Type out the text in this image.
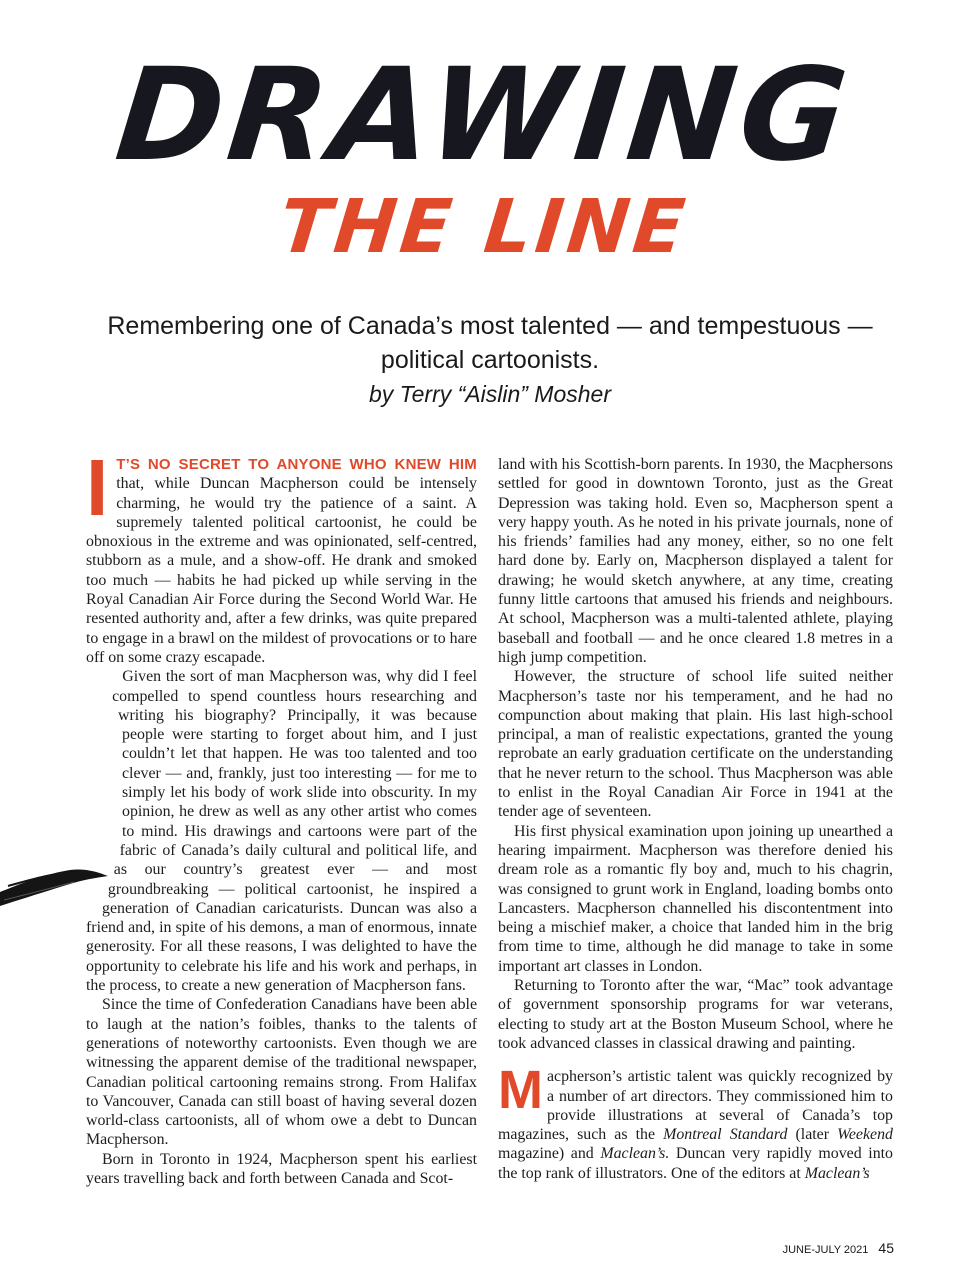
DRAWING
THE LINE
Remembering one of Canada’s most talented — and tempestuous — political cartoonists.
by Terry “Aislin” Mosher

I T’S NO SECRET TO ANYONE WHO KNEW HIM that, while Duncan Macpherson could be intensely charming, he would try the patience of a saint. A supremely talented political cartoonist, he could be obnoxious in the extreme and was opinionated, self-centred, stubborn as a mule, and a show-off. He drank and smoked too much — habits he had picked up while serving in the Royal Canadian Air Force during the Second World War. He resented authority and, after a few drinks, was quite prepared to engage in a brawl on the mildest of provocations or to hare off on some crazy escapade.

Given the sort of man Macpherson was, why did I feel compelled to spend countless hours researching and writing his biography? Principally, it was because people were starting to forget about him, and I just couldn’t let that happen. He was too talented and too clever — and, frankly, just too interesting — for me to simply let his body of work slide into obscurity. In my opinion, he drew as well as any other artist who comes to mind. His drawings and cartoons were part of the fabric of Canada’s daily cultural and political life, and as our country’s greatest ever — and most groundbreaking — political cartoonist, he inspired a generation of Canadian caricaturists. Duncan was also a friend and, in spite of his demons, a man of enormous, innate generosity. For all these reasons, I was delighted to have the opportunity to celebrate his life and his work and perhaps, in the process, to create a new generation of Macpherson fans.

Since the time of Confederation Canadians have been able to laugh at the nation’s foibles, thanks to the talents of generations of noteworthy cartoonists. Even though we are witnessing the apparent demise of the traditional newspaper, Canadian political cartooning remains strong. From Halifax to Vancouver, Canada can still boast of having several dozen world-class cartoonists, all of whom owe a debt to Duncan Macpherson.

Born in Toronto in 1924, Macpherson spent his earliest years travelling back and forth between Canada and Scot-

land with his Scottish-born parents. In 1930, the Macphersons settled for good in downtown Toronto, just as the Great Depression was taking hold. Even so, Macpherson spent a very happy youth. As he noted in his private journals, none of his friends’ families had any money, either, so no one felt hard done by. Early on, Macpherson displayed a talent for drawing; he would sketch anywhere, at any time, creating funny little cartoons that amused his friends and neighbours. At school, Macpherson was a multi-talented athlete, playing baseball and football — and he once cleared 1.8 metres in a high jump competition.

However, the structure of school life suited neither Macpherson’s taste nor his temperament, and he had no compunction about making that plain. His last high-school principal, a man of realistic expectations, granted the young reprobate an early graduation certificate on the understanding that he never return to the school. Thus Macpherson was able to enlist in the Royal Canadian Air Force in 1941 at the tender age of seventeen.

His first physical examination upon joining up unearthed a hearing impairment. Macpherson was therefore denied his dream role as a romantic fly boy and, much to his chagrin, was consigned to grunt work in England, loading bombs onto Lancasters. Macpherson channelled his discontentment into being a mischief maker, a choice that landed him in the brig from time to time, although he did manage to take in some important art classes in London.

Returning to Toronto after the war, “Mac” took advantage of government sponsorship programs for war veterans, electing to study art at the Boston Museum School, where he took advanced classes in classical drawing and painting.

Macpherson’s artistic talent was quickly recognized by a number of art directors. They commissioned him to provide illustrations at several of Canada’s top magazines, such as the Montreal Standard (later Weekend magazine) and Maclean’s. Duncan very rapidly moved into the top rank of illustrators. One of the editors at Maclean’s

JUNE-JULY 2021 45
